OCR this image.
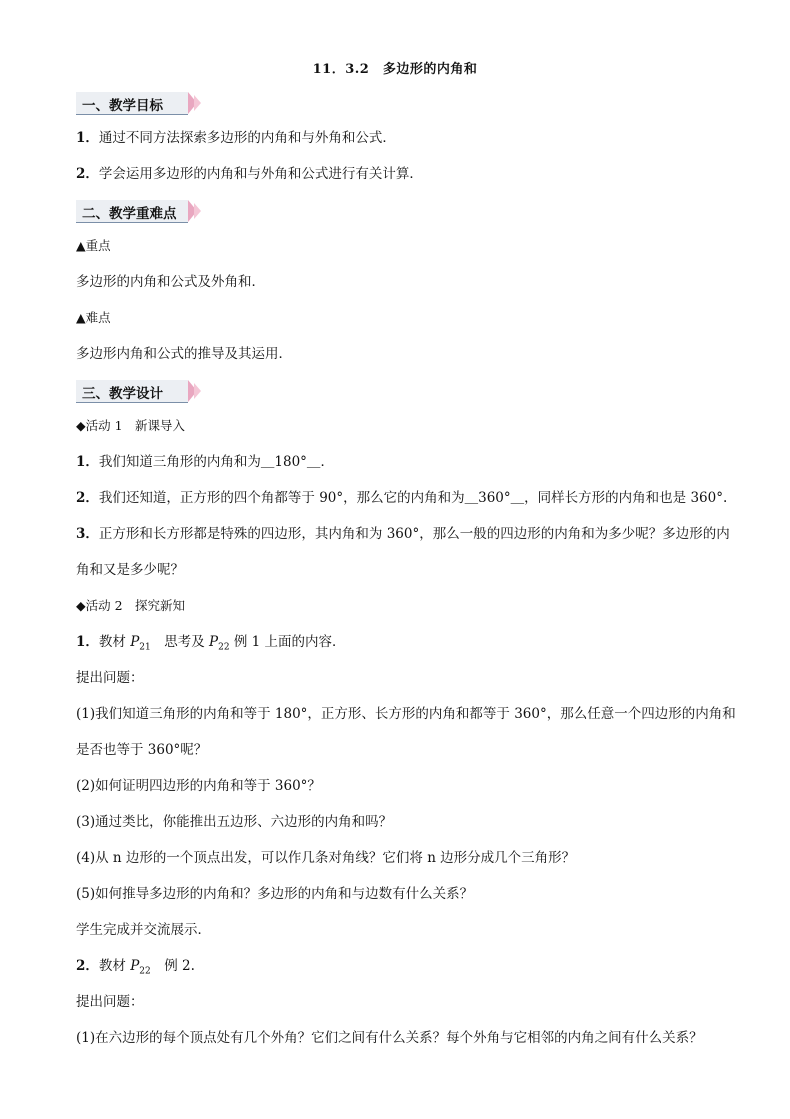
11．3.2　多边形的内角和
一、教学目标
1．通过不同方法探索多边形的内角和与外角和公式．
2．学会运用多边形的内角和与外角和公式进行有关计算．
二、教学重难点
▲重点
多边形的内角和公式及外角和．
▲难点
多边形内角和公式的推导及其运用．
三、教学设计
◆活动 1　新课导入
1．我们知道三角形的内角和为＿180°＿．
2．我们还知道，正方形的四个角都等于 90°，那么它的内角和为＿360°＿，同样长方形的内角和也是 360°.
3．正方形和长方形都是特殊的四边形，其内角和为 360°，那么一般的四边形的内角和为多少呢？多边形的内
角和又是多少呢？
◆活动 2　探究新知
1．教材 $P_{21}$　思考及 $P_{22}$ 例 1 上面的内容．
提出问题：
(1)我们知道三角形的内角和等于 180°，正方形、长方形的内角和都等于 360°，那么任意一个四边形的内角和
是否也等于 360°呢？
(2)如何证明四边形的内角和等于 360°？
(3)通过类比，你能推出五边形、六边形的内角和吗？
(4)从 n 边形的一个顶点出发，可以作几条对角线？它们将 n 边形分成几个三角形？
(5)如何推导多边形的内角和？多边形的内角和与边数有什么关系？
学生完成并交流展示．
2．教材 $P_{22}$　例 2.
提出问题：
(1)在六边形的每个顶点处有几个外角？它们之间有什么关系？每个外角与它相邻的内角之间有什么关系？
